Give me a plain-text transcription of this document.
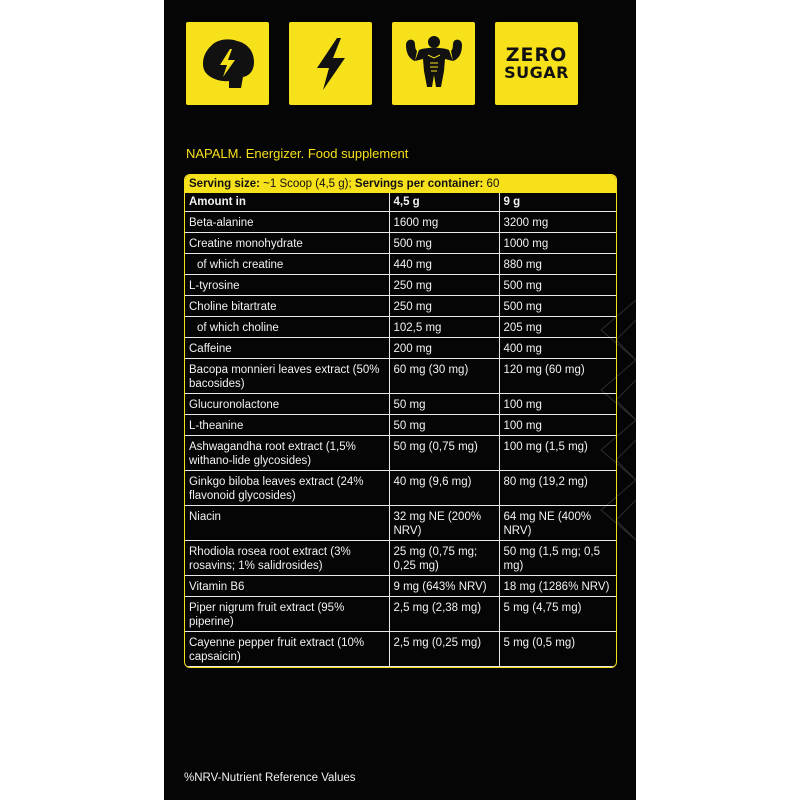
ZERO
SUGAR
NAPALM. Energizer. Food supplement
Serving size: ~1 Scoop (4,5 g); Servings per container: 60
Amount in	4,5 g	9 g
Beta-alanine	1600 mg	3200 mg
Creatine monohydrate	500 mg	1000 mg
of which creatine	440 mg	880 mg
L-tyrosine	250 mg	500 mg
Choline bitartrate	250 mg	500 mg
of which choline	102,5 mg	205 mg
Caffeine	200 mg	400 mg
Bacopa monnieri leaves extract (50% bacosides)	60 mg (30 mg)	120 mg (60 mg)
Glucuronolactone	50 mg	100 mg
L-theanine	50 mg	100 mg
Ashwagandha root extract (1,5% withano-lide glycosides)	50 mg (0,75 mg)	100 mg (1,5 mg)
Ginkgo biloba leaves extract (24% flavonoid glycosides)	40 mg (9,6 mg)	80 mg (19,2 mg)
Niacin	32 mg NE (200% NRV)	64 mg NE (400% NRV)
Rhodiola rosea root extract (3% rosavins; 1% salidrosides)	25 mg (0,75 mg; 0,25 mg)	50 mg (1,5 mg; 0,5 mg)
Vitamin B6	9 mg (643% NRV)	18 mg (1286% NRV)
Piper nigrum fruit extract (95% piperine)	2,5 mg (2,38 mg)	5 mg (4,75 mg)
Cayenne pepper fruit extract (10% capsaicin)	2,5 mg (0,25 mg)	5 mg (0,5 mg)
%NRV-Nutrient Reference Values
